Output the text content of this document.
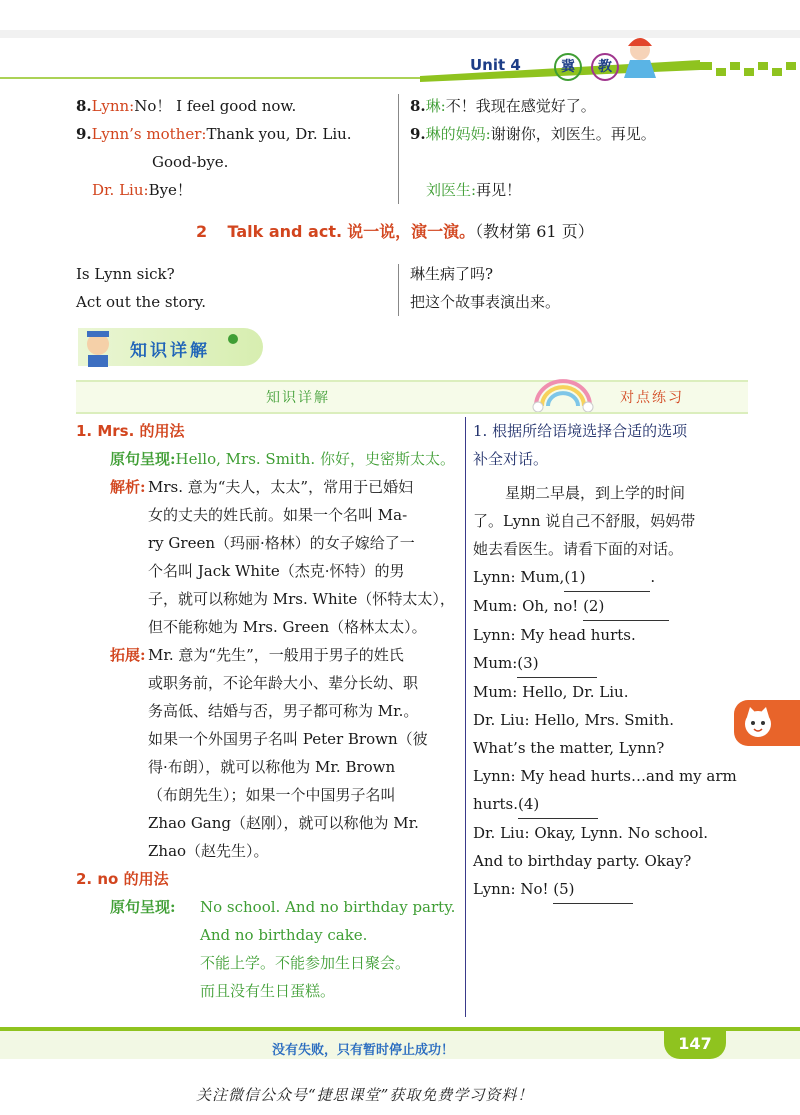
Unit 4	冀	教
8.Lynn:No！ I feel good now.
9.Lynn’s mother:Thank you, Dr. Liu.
Good-bye.
Dr. Liu:Bye！
8.琳:不！我现在感觉好了。
9.琳的妈妈:谢谢你，刘医生。再见。
刘医生:再见！
2 Talk and act. 说一说，演一演。（教材第 61 页）
Is Lynn sick?
Act out the story.
琳生病了吗?
把这个故事表演出来。
知识详解
知识详解	对点练习
1. Mrs. 的用法
原句呈现:Hello, Mrs. Smith. 你好，史密斯太太。
解析: Mrs. 意为“夫人，太太”，常用于已婚妇
女的丈夫的姓氏前。如果一个名叫 Ma-
ry Green（玛丽·格林）的女子嫁给了一
个名叫 Jack White（杰克·怀特）的男
子，就可以称她为 Mrs. White（怀特太太），
但不能称她为 Mrs. Green（格林太太）。
拓展: Mr. 意为“先生”，一般用于男子的姓氏
或职务前，不论年龄大小、辈分长幼、职
务高低、结婚与否，男子都可称为 Mr.。
如果一个外国男子名叫 Peter Brown（彼
得·布朗），就可以称他为 Mr. Brown
（布朗先生）；如果一个中国男子名叫
Zhao Gang（赵刚），就可以称他为 Mr.
Zhao（赵先生）。
2. no 的用法
原句呈现: No school. And no birthday party.
And no birthday cake.
不能上学。不能参加生日聚会。
而且没有生日蛋糕。
1. 根据所给语境选择合适的选项
补全对话。
星期二早晨，到上学的时间
了。Lynn 说自己不舒服，妈妈带
她去看医生。请看下面的对话。
Lynn: Mum,(1)	.
Mum: Oh, no! (2)
Lynn: My head hurts.
Mum:(3)
Mum: Hello, Dr. Liu.
Dr. Liu: Hello, Mrs. Smith.
What’s the matter, Lynn?
Lynn: My head hurts…and my arm
hurts.(4)
Dr. Liu: Okay, Lynn. No school.
And to birthday party. Okay?
Lynn: No! (5)
没有失败，只有暂时停止成功！	147
关注微信公众号“捷思课堂”获取免费学习资料！
